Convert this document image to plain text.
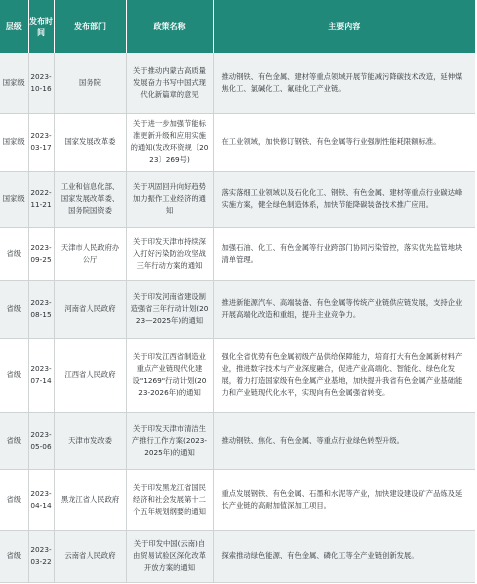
层级	发布时间	发布部门	政策名称	主要内容
国家级	2023-10-16	国务院	关于推动内蒙古高质量发展奋力书写中国式现代化新篇章的意见	推动钢铁、有色金属、建材等重点领域开展节能减污降碳技术改造，延伸煤焦化工、氯碱化工、氟硅化工产业链。
国家级	2023-03-17	国家发展改革委	关于进一步加强节能标准更新升级和应用实施的通知(发改环资规〔2023〕269号)	在工业领域，加快修订钢铁、有色金属等行业强制性能耗限额标准。
国家级	2022-11-21	工业和信息化部、国家发展改革委、国务院国资委	关于巩固回升向好趋势加力振作工业经济的通知	落实落细工业领域以及石化化工、钢铁、有色金属、建材等重点行业碳达峰实施方案，健全绿色制造体系，加快节能降碳装备技术推广应用。
省级	2023-09-25	天津市人民政府办公厅	关于印发天津市持续深入打好污染防治攻坚战三年行动方案的通知	加强石油、化工、有色金属等行业跨部门协同污染管控，落实优先监管地块清单管理。
省级	2023-08-15	河南省人民政府	关于印发河南省建设制造强省三年行动计划(2023—2025年)的通知	推进新能源汽车、高端装备、有色金属等传统产业链供应链发展，支持企业开展高端化改造和重组，提升主业竞争力。
省级	2023-07-14	江西省人民政府	关于印发江西省制造业重点产业链现代化建设"1269"行动计划(2023-2026年)的通知	强化全省优势有色金属初级产品供给保障能力，培育打大有色金属新材料产业，推进数字技术与产业深度融合，促进产业高端化、智能化、绿色化发展，着力打造国家级有色金属产业基地，加快提升我省有色金属产业基础能力和产业链现代化水平，实现向有色金属强省转变。
省级	2023-05-06	天津市发改委	关于印发天津市清洁生产推行工作方案(2023-2025年)的通知	推动钢铁、焦化、有色金属、等重点行业绿色转型升级。
省级	2023-04-14	黑龙江省人民政府	关于印发黑龙江省国民经济和社会发展第十二个五年规划纲要的通知	重点发展钢铁、有色金属、石墨和水泥等产业，加快建设建设矿产品炼及延长产业链的高耐加值深加工项目。
省级	2023-03-22	云南省人民政府	关于印发中国(云南)自由贸易试验区深化改革开放方案的通知	探索推动绿色能源、有色金属、磷化工等全产业链创新发展。
